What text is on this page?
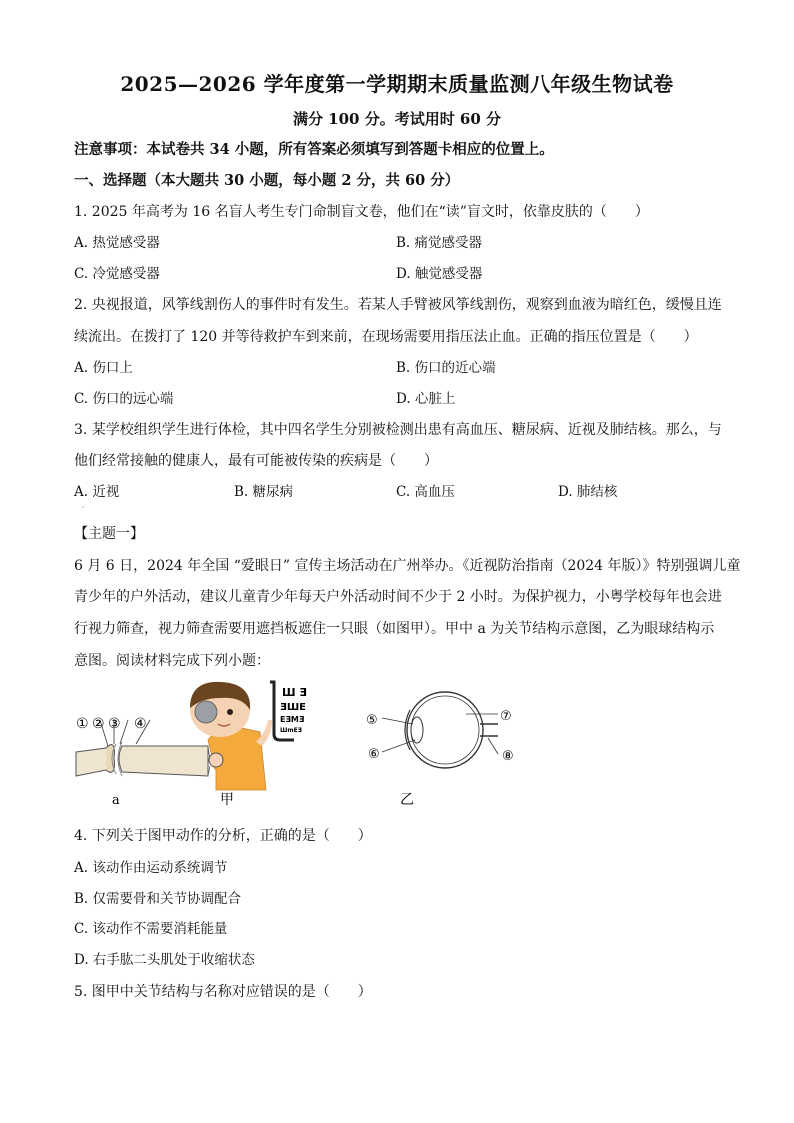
2025—2026 学年度第一学期期末质量监测八年级生物试卷
满分 100 分。考试用时 60 分
注意事项：本试卷共 34 小题，所有答案必须填写到答题卡相应的位置上。
一、选择题（本大题共 30 小题，每小题 2 分，共 60 分）
1. 2025 年高考为 16 名盲人考生专门命制盲文卷，他们在“读”盲文时，依靠皮肤的（　　）
A. 热觉感受器	B. 痛觉感受器
C. 冷觉感受器	D. 触觉感受器
2. 央视报道，风筝线割伤人的事件时有发生。若某人手臂被风筝线割伤，观察到血液为暗红色，缓慢且连
续流出。在拨打了 120 并等待救护车到来前，在现场需要用指压法止血。正确的指压位置是（　　）
A. 伤口上	B. 伤口的近心端
C. 伤口的远心端	D. 心脏上
3. 某学校组织学生进行体检，其中四名学生分别被检测出患有高血压、糖尿病、近视及肺结核。那么，与
他们经常接触的健康人，最有可能被传染的疾病是（　　）
A. 近视	B. 糖尿病	C. 高血压	D. 肺结核
·
【主题一】
6 月 6 日，2024 年全国 “爱眼日” 宣传主场活动在广州举办。《近视防治指南（2024 年版）》特别强调儿童
青少年的户外活动，建议儿童青少年每天户外活动时间不少于 2 小时。为保护视力，小粤学校每年也会进
行视力筛查，视力筛查需要用遮挡板遮住一只眼（如图甲）。甲中 a 为关节结构示意图，乙为眼球结构示
意图。阅读材料完成下列小题：
① ② ③ ④
a	甲
Ш Ǝ
ƎШE
EƎMƎ
ШmЕƎ
⑤
⑥
⑦
⑧
乙
4. 下列关于图甲动作的分析，正确的是（　　）
A. 该动作由运动系统调节
B. 仅需要骨和关节协调配合
C. 该动作不需要消耗能量
D. 右手肱二头肌处于收缩状态
5. 图甲中关节结构与名称对应错误的是（　　）
